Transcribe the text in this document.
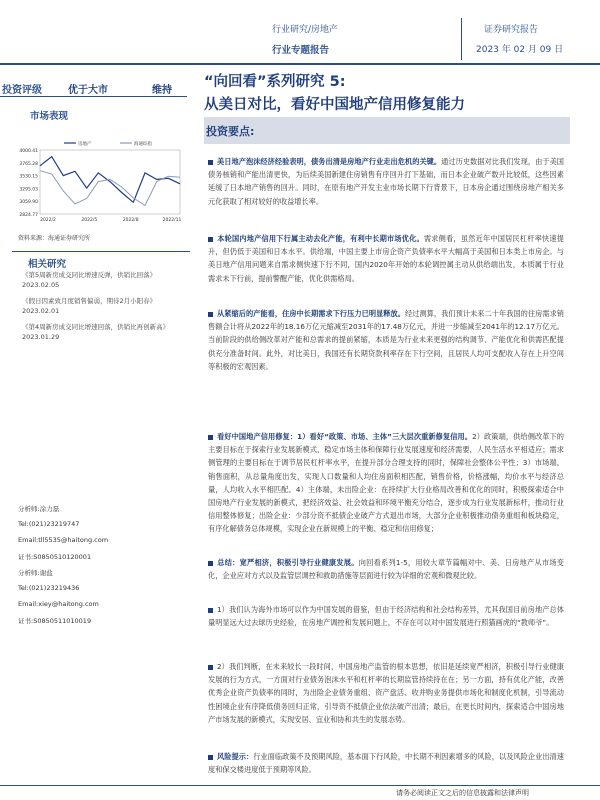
行业研究/房地产
行业专题报告
证券研究报告
2023 年 02 月 09 日
投资评级	优于大市	维持
“向回看”系列研究 5:
从美日对比，看好中国地产信用修复能力
投资要点:
市场表现
4000.41
3765.28
3530.15
3295.03
3059.90
2824.77
2022/2	2022/5	2022/8	2022/11
房地产	海通综指
资料来源：海通证券研究所
相关研究
《第5周新房成交同比增速反弹，供销比回落》2023.02.05
《假日因素致月度销售偏弱，期待2月小阳春》2023.02.01
《第4周新房成交同比增速回落，供销比再创新高》2023.01.29
分析师:涂力磊
Tel:(021)23219747
Email:tll5535@haitong.com
证书:S0850510120001
分析师:谢盐
Tel:(021)23219436
Email:xiey@haitong.com
证书:S0850511010019
美日地产泡沫经济经验表明，债务出清是房地产行业走出危机的关键。通过历史数据对比我们发现，由于美国债务核销和产能出清更快，为后续美国新建住房销售有序回升打下基础，而日本企业破产数升比较低，这些因素延缓了日本地产销售的回升。同时，在原有地产开发主业市场长期下行背景下，日本房企通过围绕房地产相关多元化获取了相对较好的收益增长率。
本轮国内地产信用下行属主动去化产能，有利中长期市场优化。需求侧看，虽然近年中国居民杠杆率快速提升，但仍低于美国和日本水平。供给端，中国主要上市房企资产负债率水平大幅高于美国和日本类上市房企。与美日地产信用问题来自需求侧快速下行不同，国内2020年开始的本轮调控属主动从供给端出发，本质属于行业需求未下行前，提前警醒产能，优化供需格局。
从紧缩后的产能看，住房中长期需求下行压力已明显释放。经过测算，我们预计未来二十年我国的住房需求销售额合计将从2022年的18.16万亿元缩减至2031年的17.48万亿元，并进一步缩减至2041年的12.17万亿元。当前阶段的供给侧改革对产能和总需求的提前紧缩，本质是为行业未来更强的结构调节、产能优化和供需匹配提供充分准备时间。此外，对比美日，我国还有长期贷款利率存在下行空间，且居民人均可支配收入存在上升空间等积极的宏观因素。
看好中国地产信用修复：1）看好“政策、市场、主体”三大层次重新修复信用。2）政策端，供给侧改革下的主要目标在于探索行业发展新模式，稳定市场主体和保障行业发展速度和经济需要，人民生活水平相适应；需求侧管理的主要目标在于调节居民杠杆率水平，在提升部分合理支持的同时，保障社会整体公平性；3）市场端，销售面积，从总量角度出发，实现人口数量和人均住房面积相匹配，销售价格，价格涨幅，均价水平与经济总量，人均收入水平相匹配。4）主体端，未出险企业：在持续扩大行业格局改善和优化的同时，积极探索适合中国房地产行业发展的新模式，把经济效益、社会效益和环境平衡充分结合，逐步成为行业发展新标杆，推动行业信用整体修复；出险企业：少部分资不抵债企业破产方式退出市场，大部分企业积极推动债务重组和板块稳定，有序化解债务总体规模，实现企业在新规模上的平衡、稳定和信用修复；
总结：宽严相济，积极引导行业健康发展。向回看系列1-5，用较大章节篇幅对中、美、日房地产从市场变化，企业应对方式以及监管层调控和救助措施等层面进行较为详细的宏观和微观比较。
1）我们认为海外市场可以作为中国发展的借鉴，但由于经济结构和社会结构差异，尤其我国目前房地产总体量明显远大过去球历史经验，在房地产调控和发展问题上，不存在可以对中国发展进行照猫画虎的“教师爷”。
2）我们判断，在未来较长一段时间，中国房地产监管的根本思想，依旧是延续宽严相济，积极引导行业健康发展的行为方式，一方面对行业债务泡沫水平和杠杆率的长期监管持续持在在；另一方面，持有优化产能，改善优秀企业资产负债率的同时，为出险企业债务重组、资产盘活、收并购业务提供市场化和制度化机制，引导流动性困境企业有序降低债务回归正常，引导资不抵债企业依法破产出清；最后，在更长时间内，探索适合中国房地产市场发展的新模式，实现安居、宜业和协和共生的发展态势。
风险提示：行业面临政策不及预期风险，基本面下行风险，中长期不利因素增多的风险，以及风险企业出清速度和保交楼进度低于预期等风险。
请务必阅读正文之后的信息披露和法律声明
